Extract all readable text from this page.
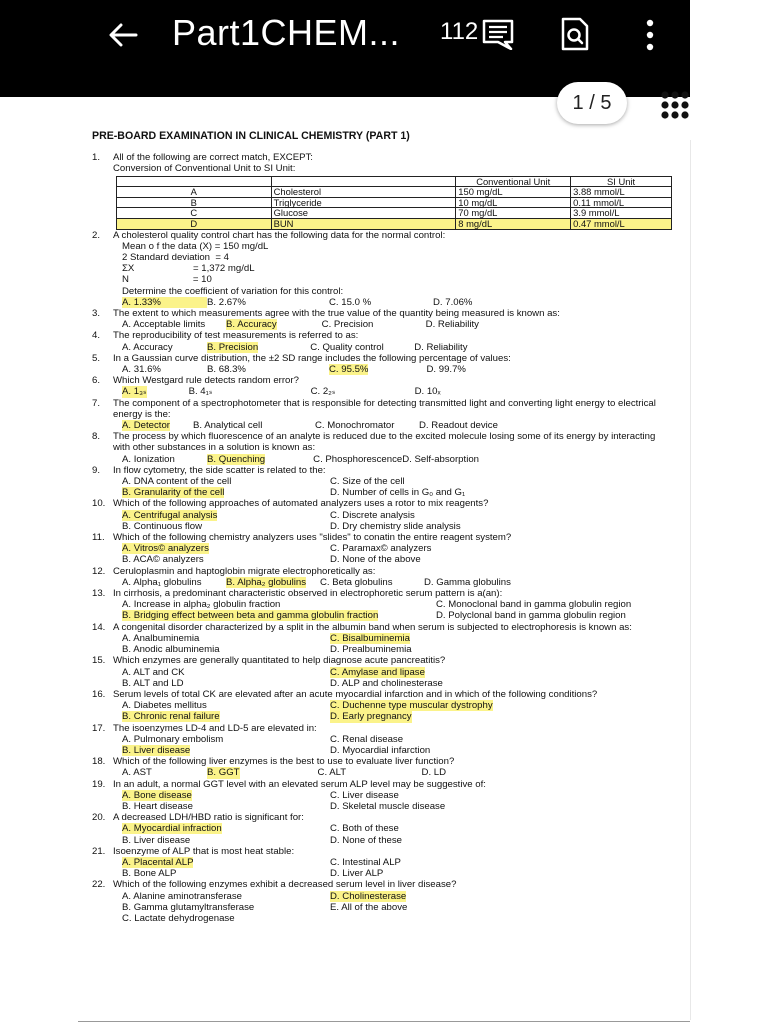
Part1CHEM... 112
1 / 5
PRE-BOARD EXAMINATION IN CLINICAL CHEMISTRY (PART 1)
1.	All of the following are correct match, EXCEPT:
Conversion of Conventional Unit to SI Unit:
		Conventional Unit	SI Unit
A	Cholesterol	150 mg/dL	3.88 mmol/L
B	Triglyceride	10 mg/dL	0.11 mmol/L
C	Glucose	70 mg/dL	3.9 mmol/L
D	BUN	8 mg/dL	0.47 mmol/L
2.	A cholesterol quality control chart has the following data for the normal control:
Mean o f the data (X) = 150 mg/dL
2 Standard deviation  = 4
ΣX                      = 1,372 mg/dL
N                        = 10
Determine the coefficient of variation for this control:
A. 1.33%	B. 2.67%	C. 15.0 %	D. 7.06%
3.	The extent to which measurements agree with the true value of the quantity being measured is known as:
A. Acceptable limits	B. Accuracy	C. Precision	D. Reliability
4.	The reproducibility of test measurements is referred to as:
A. Accuracy	B. Precision	C. Quality control	D. Reliability
5.	In a Gaussian curve distribution, the ±2 SD range includes the following percentage of values:
A. 31.6%	B. 68.3%	C. 95.5%	D. 99.7%
6.	Which Westgard rule detects random error?
A. 1₃ₛ	B. 4₁ₛ	C. 2₂ₛ	D. 10ₓ
7.	The component of a spectrophotometer that is responsible for detecting transmitted light and converting light energy to electrical energy is the:
A. Detector B. Analytical cell	C. Monochromator	D. Readout device
8.	The process by which fluorescence of an analyte is reduced due to the excited molecule losing some of its energy by interacting with other substances in a solution is known as:
A. Ionization	B. Quenching	C. Phosphorescence D. Self-absorption
9.	In flow cytometry, the side scatter is related to the:
A. DNA content of the cell	C. Size of the cell
B. Granularity of the cell	D. Number of cells in G₀ and G₁
10. Which of the following approaches of automated analyzers uses a rotor to mix reagents?
A. Centrifugal analysis	C. Discrete analysis
B. Continuous flow	D. Dry chemistry slide analysis
11. Which of the following chemistry analyzers uses "slides" to conatin the entire reagent system?
A. Vitros© analyzers	C. Paramax© analyzers
B. ACA© analyzers	D. None of the above
12. Ceruloplasmin and haptoglobin migrate electrophoretically as:
A. Alpha₁ globulins	B. Alpha₂ globulins C. Beta globulins	D. Gamma globulins
13. In cirrhosis, a predominant characteristic observed in electrophoretic serum pattern is a(an):
A. Increase in alpha₂ globulin fraction	C. Monoclonal band in gamma globulin region
B. Bridging effect between beta and gamma globulin fraction	D. Polyclonal band in gamma globulin region
14. A congenital disorder characterized by a split in the albumin band when serum is subjected to electrophoresis is known as:
A. Analbuminemia	C. Bisalbuminemia
B. Anodic albuminemia	D. Prealbuminemia
15. Which enzymes are generally quantitated to help diagnose acute pancreatitis?
A. ALT and CK	C. Amylase and lipase
B. ALT and LD	D. ALP and cholinesterase
16. Serum levels of total CK are elevated after an acute myocardial infarction and in which of the following conditions?
A. Diabetes mellitus	C. Duchenne type muscular dystrophy
B. Chronic renal failure	D. Early pregnancy
17. The isoenzymes LD-4 and LD-5 are elevated in:
A. Pulmonary embolism	C. Renal disease
B. Liver disease	D. Myocardial infarction
18. Which of the following liver enzymes is the best to use to evaluate liver function?
A. AST	B. GGT	C. ALT	D. LD
19. In an adult, a normal GGT level with an elevated serum ALP level may be suggestive of:
A. Bone disease	C. Liver disease
B. Heart disease	D. Skeletal muscle disease
20. A decreased LDH/HBD ratio is significant for:
A. Myocardial infraction	C. Both of these
B. Liver disease	D. None of these
21. Isoenzyme of ALP that is most heat stable:
A. Placental ALP	C. Intestinal ALP
B. Bone ALP	D. Liver ALP
22. Which of the following enzymes exhibit a decreased serum level in liver disease?
A. Alanine aminotransferase	D. Cholinesterase
B. Gamma glutamyltransferase	E. All of the above
C. Lactate dehydrogenase
